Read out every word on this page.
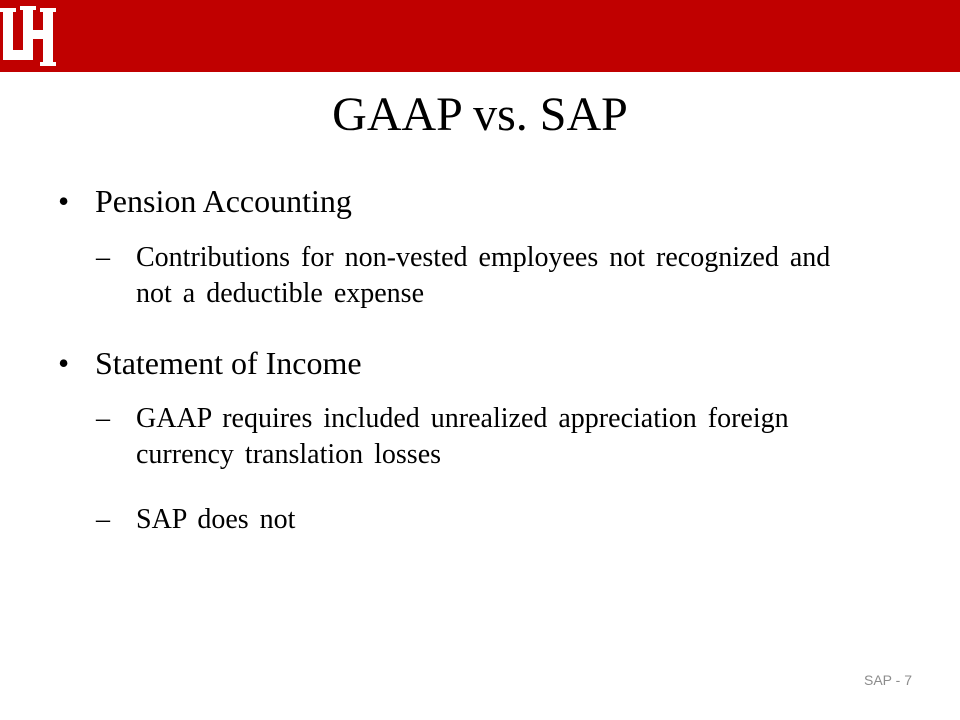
GAAP vs. SAP
• Pension Accounting
– Contributions for non-vested employees not recognized and not a deductible expense
• Statement of Income
– GAAP requires included unrealized appreciation foreign currency translation losses
– SAP does not
SAP - 7
